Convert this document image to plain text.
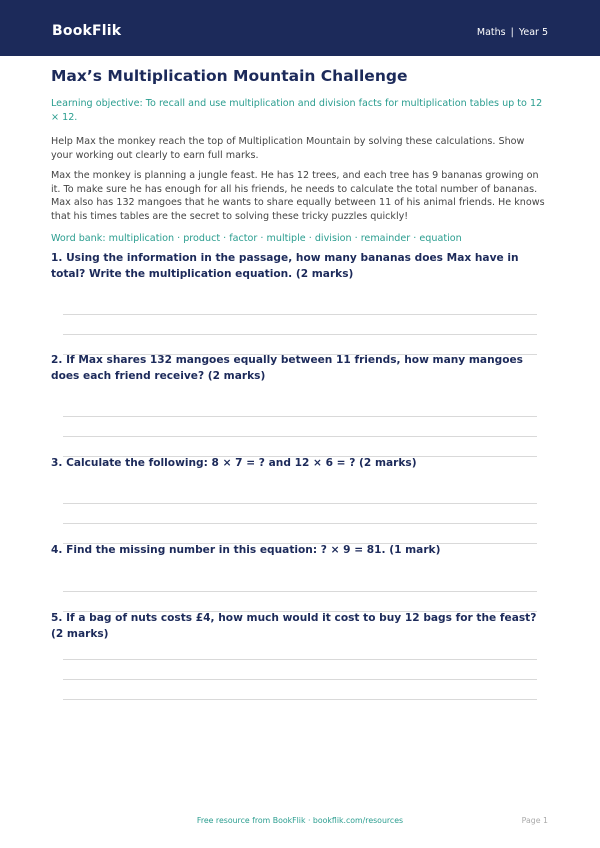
BookFlik	Maths | Year 5
Max’s Multiplication Mountain Challenge
Learning objective: To recall and use multiplication and division facts for multiplication tables up to 12 × 12.
Help Max the monkey reach the top of Multiplication Mountain by solving these calculations. Show your working out clearly to earn full marks.
Max the monkey is planning a jungle feast. He has 12 trees, and each tree has 9 bananas growing on it. To make sure he has enough for all his friends, he needs to calculate the total number of bananas. Max also has 132 mangoes that he wants to share equally between 11 of his animal friends. He knows that his times tables are the secret to solving these tricky puzzles quickly!
Word bank: multiplication · product · factor · multiple · division · remainder · equation
1. Using the information in the passage, how many bananas does Max have in total? Write the multiplication equation. (2 marks)
2. If Max shares 132 mangoes equally between 11 friends, how many mangoes does each friend receive? (2 marks)
3. Calculate the following: 8 × 7 = ? and 12 × 6 = ? (2 marks)
4. Find the missing number in this equation: ? × 9 = 81. (1 mark)
5. If a bag of nuts costs £4, how much would it cost to buy 12 bags for the feast? (2 marks)
Free resource from BookFlik · bookflik.com/resources	Page 1
